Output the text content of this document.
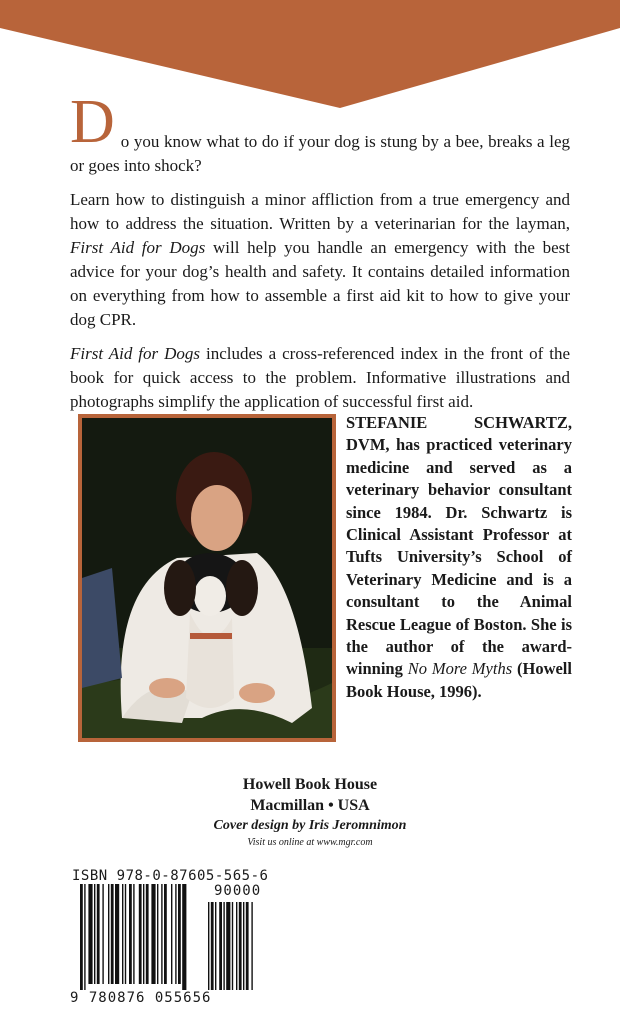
D o you know what to do if your dog is stung by a bee, breaks a leg or goes into shock?

Learn how to distinguish a minor affliction from a true emergency and how to address the situation. Written by a veterinarian for the layman, First Aid for Dogs will help you handle an emergency with the best advice for your dog’s health and safety. It contains detailed information on everything from how to assemble a first aid kit to how to give your dog CPR.

First Aid for Dogs includes a cross-referenced index in the front of the book for quick access to the problem. Informative illustrations and photographs simplify the application of successful first aid.

STEFANIE SCHWARTZ, DVM, has practiced veterinary medicine and served as a veterinary behavior consultant since 1984. Dr. Schwartz is Clinical Assistant Professor at Tufts University’s School of Veterinary Medicine and is a consultant to the Animal Rescue League of Boston. She is the author of the award-winning No More Myths (Howell Book House, 1996).
Howell Book House
Macmillan • USA
Cover design by Iris Jeromnimon
Visit us online at www.mgr.com
ISBN 978-0-87605-565-6
90000
9 780876 055656
